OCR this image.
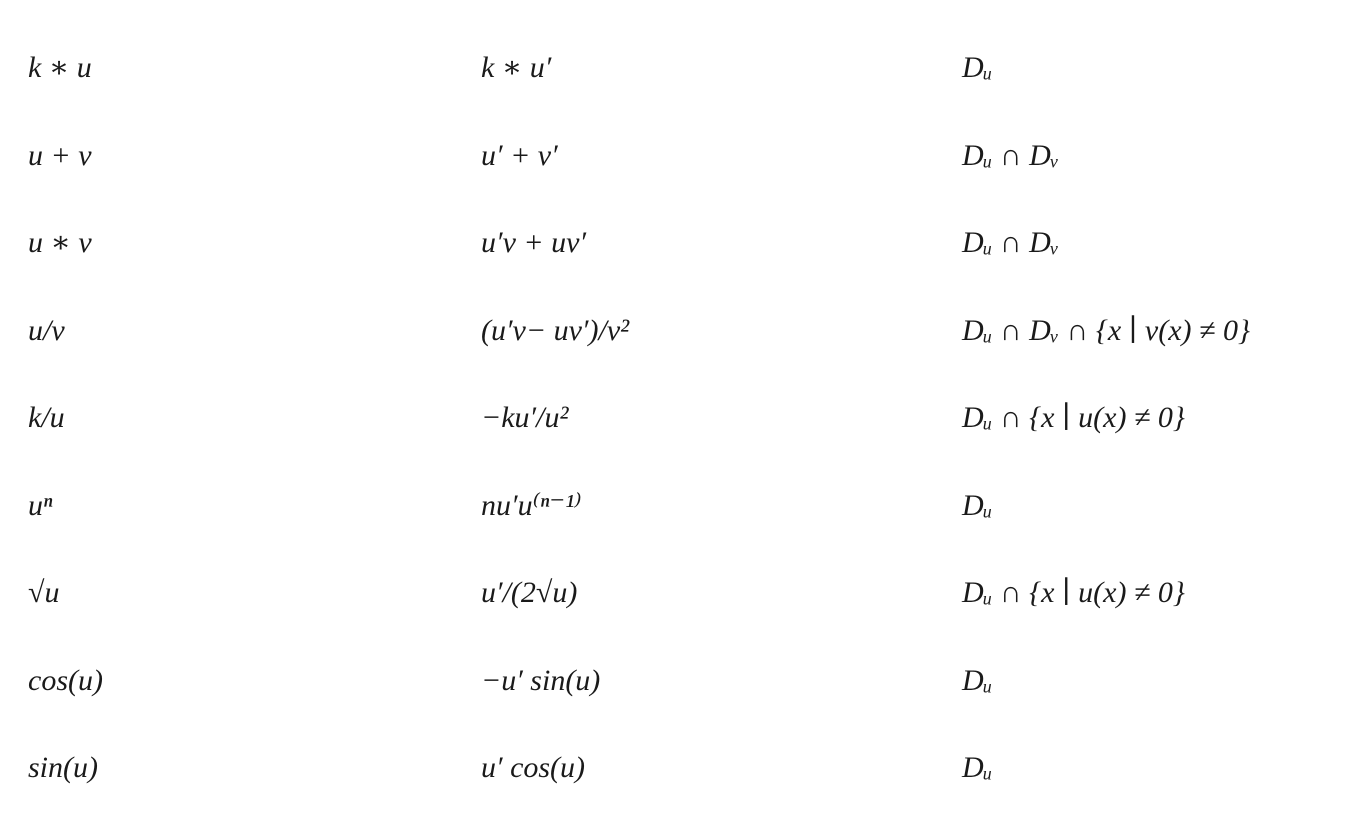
k ∗ u	k ∗ u′	Dᵤ
u + v	u′ + v′	Dᵤ ∩ Dᵥ
u ∗ v	u′v + uv′	Dᵤ ∩ Dᵥ
u/v	(u′v− uv′)/v²	Dᵤ ∩ Dᵥ ∩ {x ∣ v(x) ≠ 0}
k/u	−ku′/u²	Dᵤ ∩ {x ∣ u(x) ≠ 0}
uⁿ	nu′u⁽ⁿ⁻¹⁾	Dᵤ
√u	u′/(2√u)	Dᵤ ∩ {x ∣ u(x) ≠ 0}
cos(u)	−u′ sin(u)	Dᵤ
sin(u)	u′ cos(u)	Dᵤ
